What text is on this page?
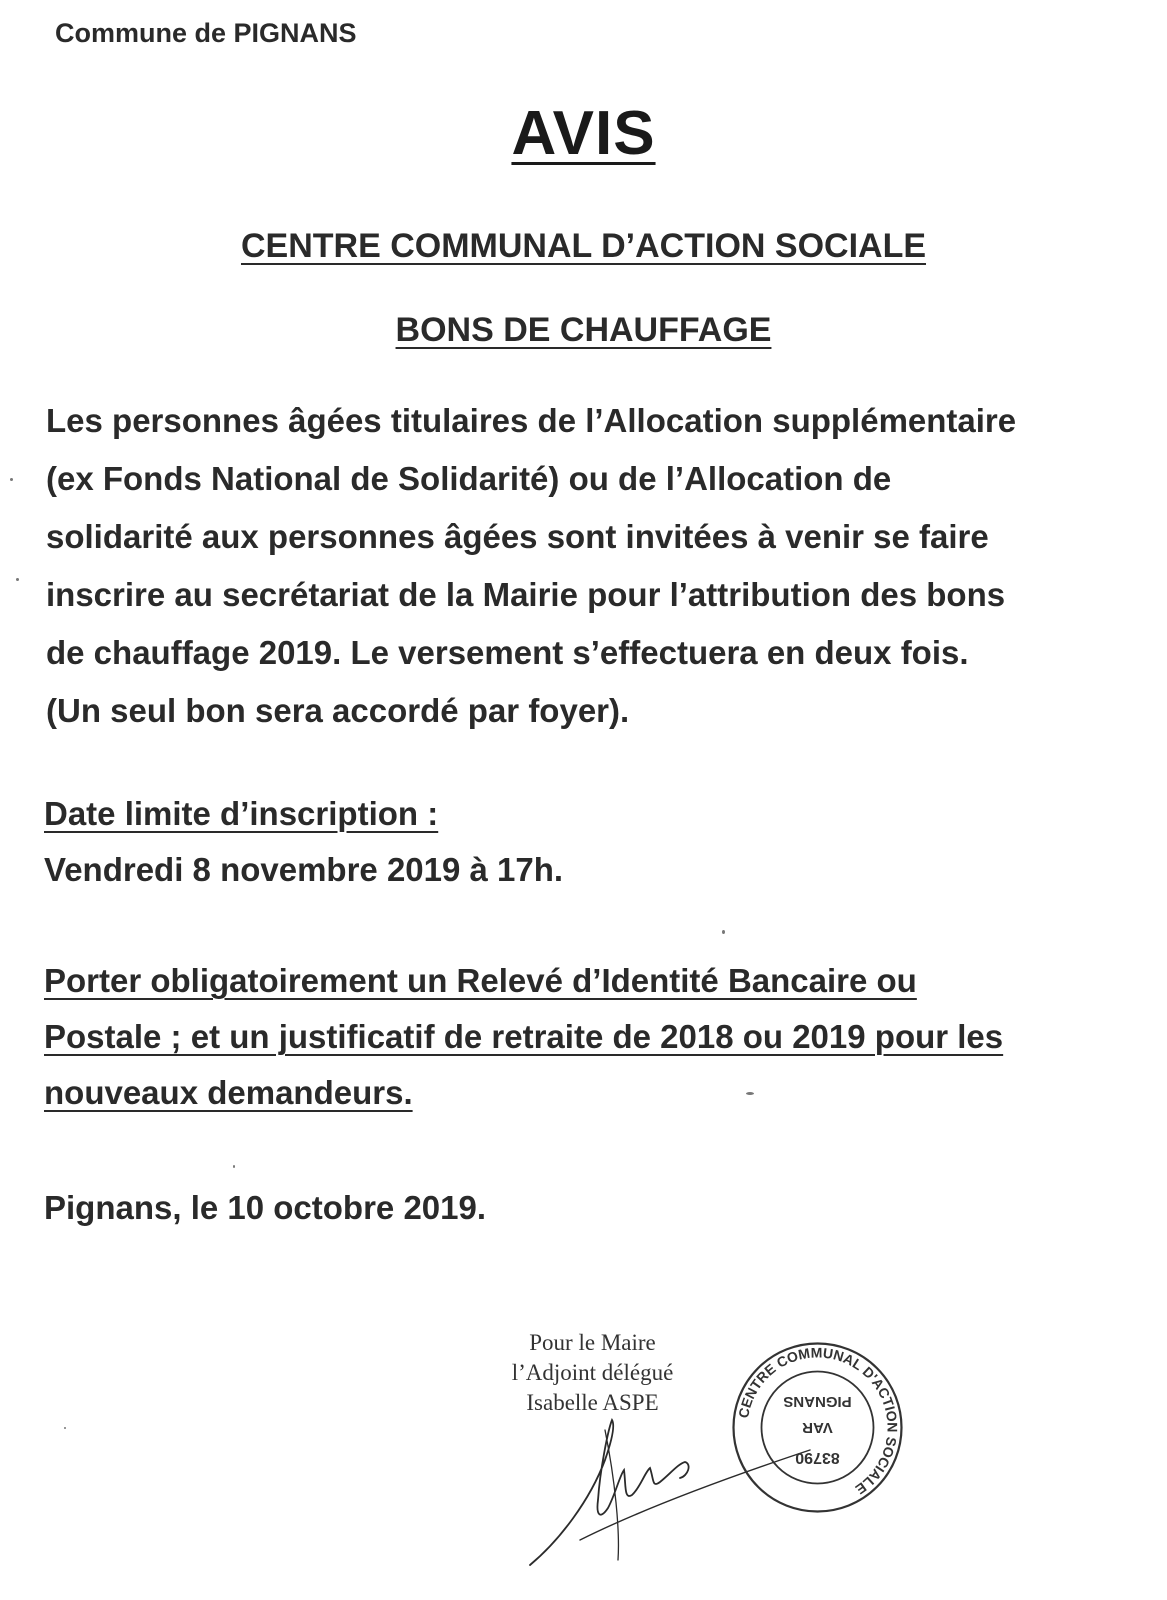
Commune de PIGNANS
AVIS
CENTRE COMMUNAL D’ACTION SOCIALE
BONS DE CHAUFFAGE
Les personnes âgées titulaires de l’Allocation supplémentaire
(ex Fonds National de Solidarité) ou de l’Allocation de
solidarité aux personnes âgées sont invitées à venir se faire
inscrire au secrétariat de la Mairie pour l’attribution des bons
de chauffage 2019. Le versement s’effectuera en deux fois.
(Un seul bon sera accordé par foyer).
Date limite d’inscription :
Vendredi 8 novembre 2019 à 17h.
Porter obligatoirement un Relevé d’Identité Bancaire ou
Postale ; et un justificatif de retraite de 2018 ou 2019 pour les
nouveaux demandeurs.
Pignans, le 10 octobre 2019.
Pour le Maire
l’Adjoint délégué
Isabelle ASPE	CENTRE COMMUNAL D'ACTION SOCIALE
83790
VAR
PIGNANS
